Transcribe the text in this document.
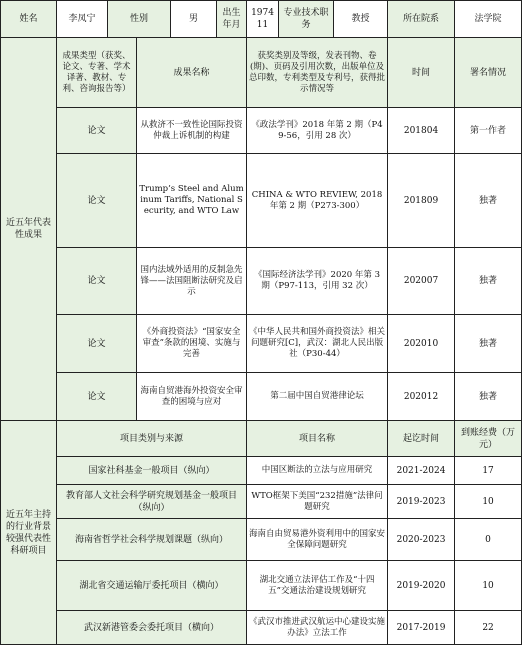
姓名	李凤宁	性别		男	出生年月	1974 11	专业技术职务	教授	所在院系	法学院
近五年代表性成果	成果类型（获奖、论文、专著、学术译著、教材、专利、咨询报告等）		成果名称			获奖类别及等级，发表刊物、卷(期)、页码及引用次数，出版单位及总印数，专利类型及专利号，获得批示情况等			时间	署名情况
	论文		从救济不一致性论国际投资仲裁上诉机制的构建			《政法学刊》2018 年第 2 期（P49-56，引用 28 次）			201804	第一作者
	论文		Trump’s Steel and Aluminum Tariffs, National Security, and WTO Law			CHINA & WTO REVIEW, 2018 年第 2 期（P273-300）			201809	独著
	论文		国内法域外适用的反制急先锋——法国阻断法研究及启示			《国际经济法学刊》2020 年第 3 期（P97-113，引用 32 次）			202007	独著
	论文		《外商投资法》“国家安全审查”条款的困境、实施与完善			《中华人民共和国外商投资法》相关问题研究[C]，武汉：湖北人民出版社（P30-44）			202010	独著
	论文		海南自贸港海外投资安全审查的困境与应对			第二届中国自贸港律论坛			202012	独著
近五年主持的行业背景较强代表性科研项目	项目类别与来源					项目名称			起讫时间	到账经费（万元）
	国家社科基金一般项目（纵向）					中国区断法的立法与应用研究			2021-2024	17
	教育部人文社会科学研究规划基金一般项目（纵向）					WTO框架下美国“232措施”法律问题研究			2019-2023	10
	海南省哲学社会科学规划课题（纵向）					海南自由贸易港外资利用中的国家安全保障问题研究			2020-2023	0
	湖北省交通运输厅委托项目（横向）					湖北交通立法评估工作及“十四五”交通法治建设规划研究			2019-2020	10
	武汉新港管委会委托项目（横向）					《武汉市推进武汉航运中心建设实施办法》立法工作			2017-2019	22
